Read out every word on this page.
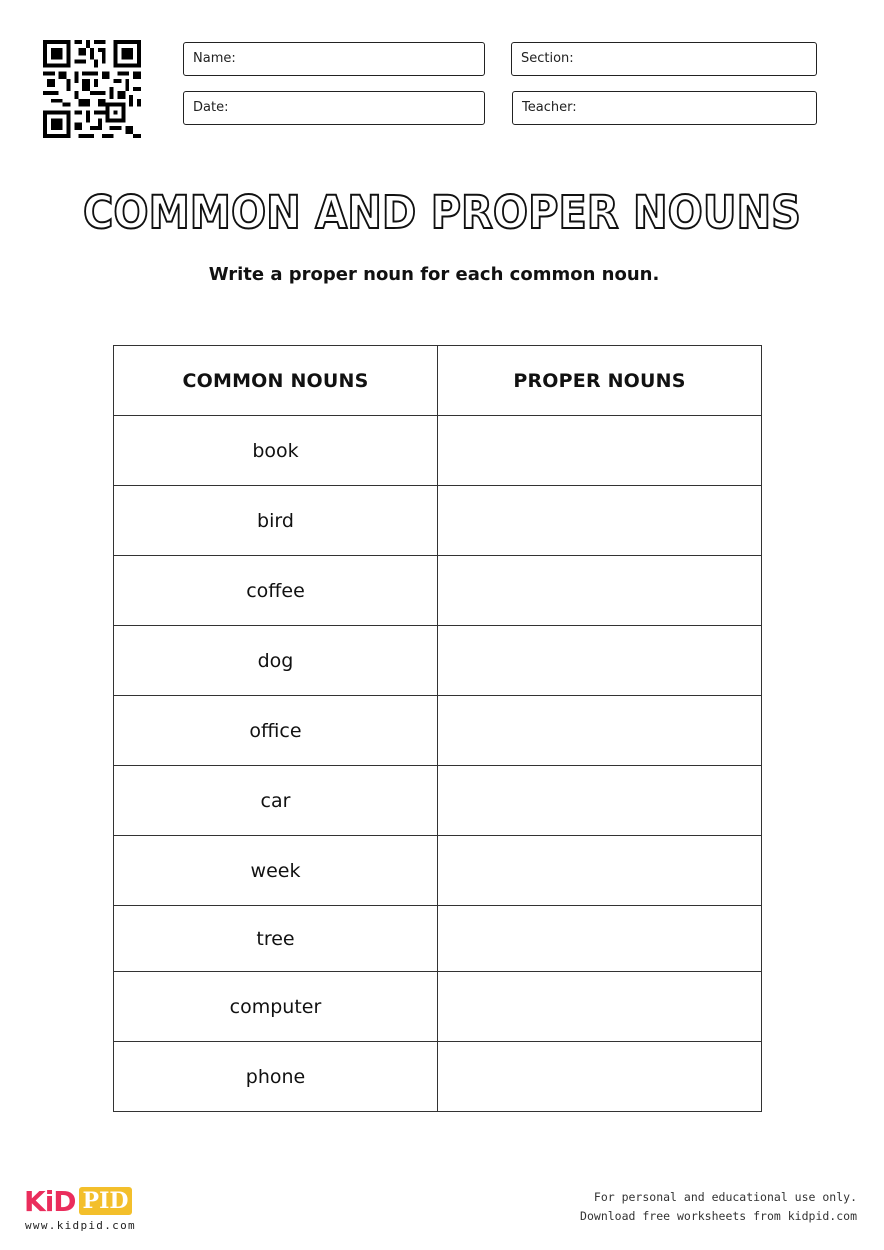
Name:	Section:
Date:	Teacher:
COMMON AND PROPER NOUNS
Write a proper noun for each common noun.
COMMON NOUNS	PROPER NOUNS
book	
bird	
coffee	
dog	
office	
car	
week	
tree	
computer	
phone	
KiD PID
www.kidpid.com
For personal and educational use only.
Download free worksheets from kidpid.com
